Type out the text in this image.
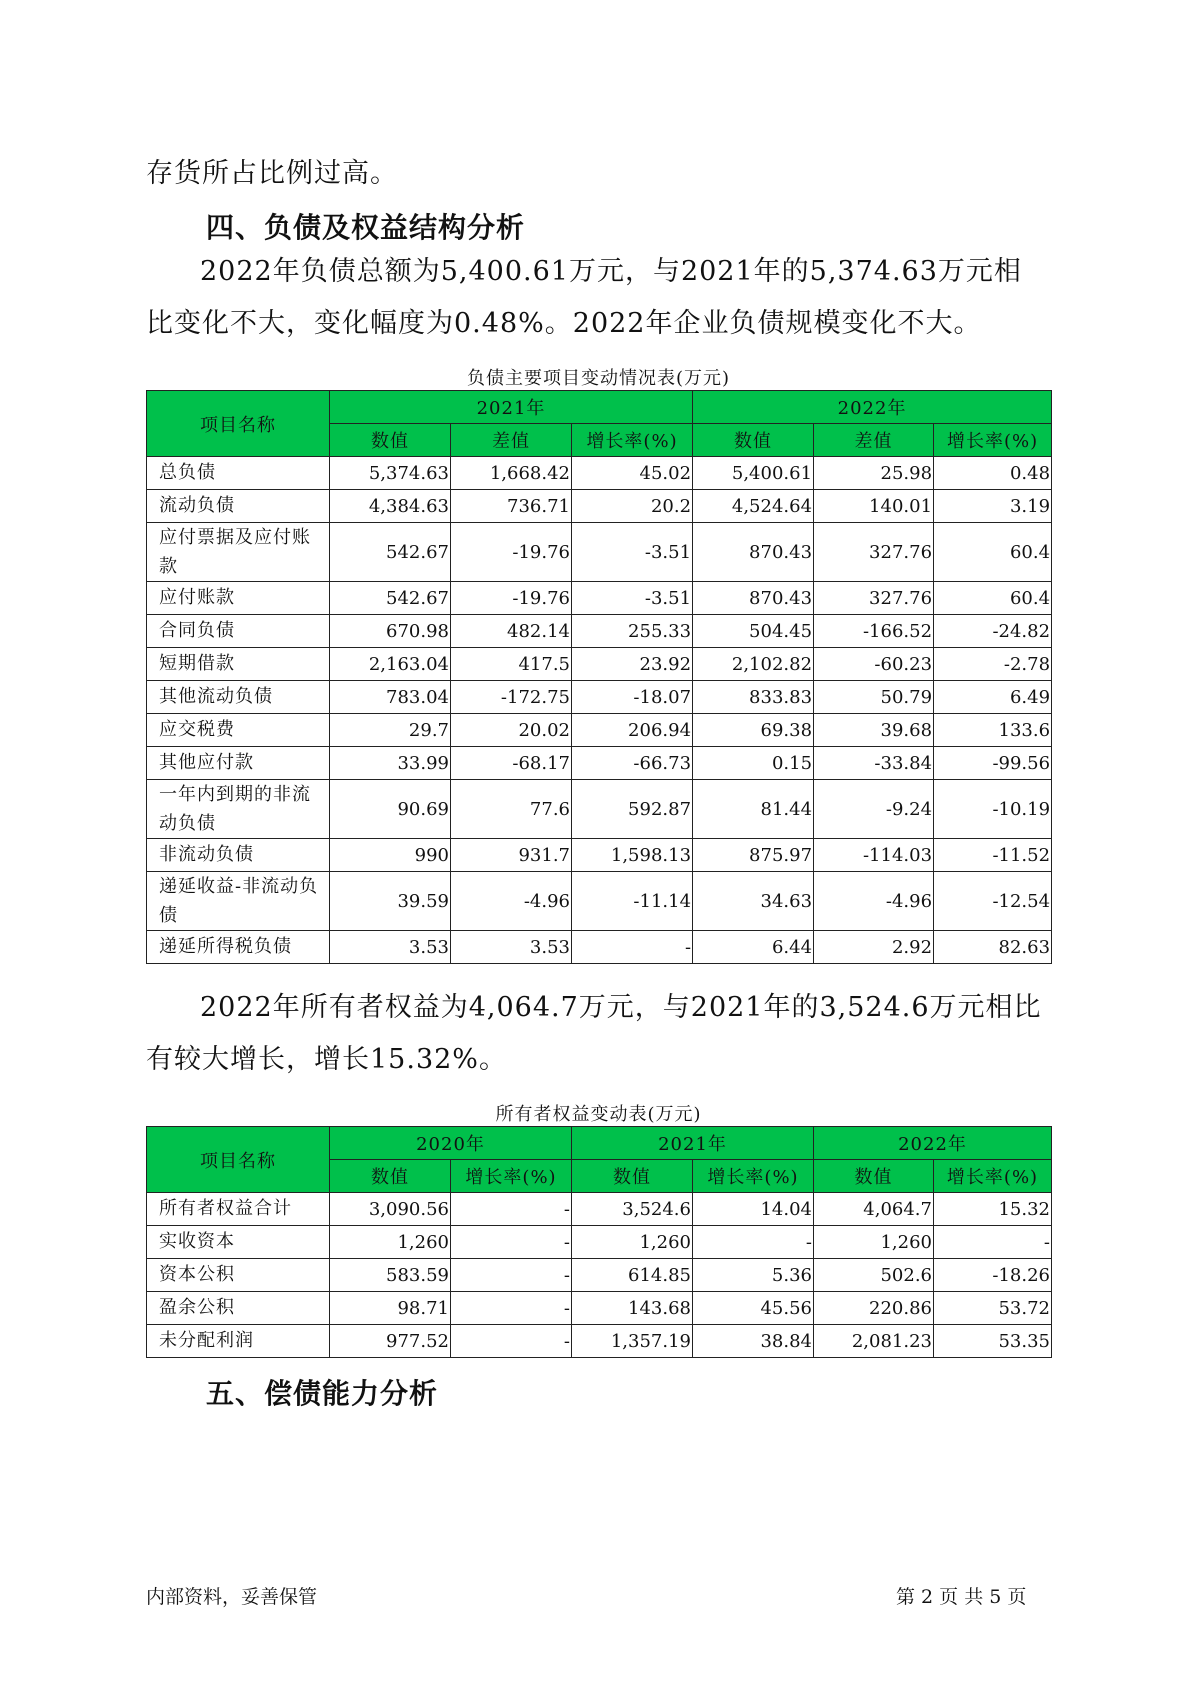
存货所占比例过高。

四、负债及权益结构分析

2022年负债总额为5,400.61万元，与2021年的5,374.63万元相比变化不大，变化幅度为0.48%。2022年企业负债规模变化不大。

负债主要项目变动情况表(万元)

项目名称	2021年			2022年		
	数值	差值	增长率(%)	数值	差值	增长率(%)
总负债	5,374.63	1,668.42	45.02	5,400.61	25.98	0.48
流动负债	4,384.63	736.71	20.2	4,524.64	140.01	3.19
应付票据及应付账款	542.67	-19.76	-3.51	870.43	327.76	60.4
应付账款	542.67	-19.76	-3.51	870.43	327.76	60.4
合同负债	670.98	482.14	255.33	504.45	-166.52	-24.82
短期借款	2,163.04	417.5	23.92	2,102.82	-60.23	-2.78
其他流动负债	783.04	-172.75	-18.07	833.83	50.79	6.49
应交税费	29.7	20.02	206.94	69.38	39.68	133.6
其他应付款	33.99	-68.17	-66.73	0.15	-33.84	-99.56
一年内到期的非流动负债	90.69	77.6	592.87	81.44	-9.24	-10.19
非流动负债	990	931.7	1,598.13	875.97	-114.03	-11.52
递延收益-非流动负债	39.59	-4.96	-11.14	34.63	-4.96	-12.54
递延所得税负债	3.53	3.53	-	6.44	2.92	82.63

2022年所有者权益为4,064.7万元，与2021年的3,524.6万元相比有较大增长，增长15.32%。

所有者权益变动表(万元)

项目名称	2020年		2021年		2022年	
	数值	增长率(%)	数值	增长率(%)	数值	增长率(%)
所有者权益合计	3,090.56	-	3,524.6	14.04	4,064.7	15.32
实收资本	1,260	-	1,260	-	1,260	-
资本公积	583.59	-	614.85	5.36	502.6	-18.26
盈余公积	98.71	-	143.68	45.56	220.86	53.72
未分配利润	977.52	-	1,357.19	38.84	2,081.23	53.35
五、偿债能力分析
内部资料，妥善保管	第 2 页 共 5 页
